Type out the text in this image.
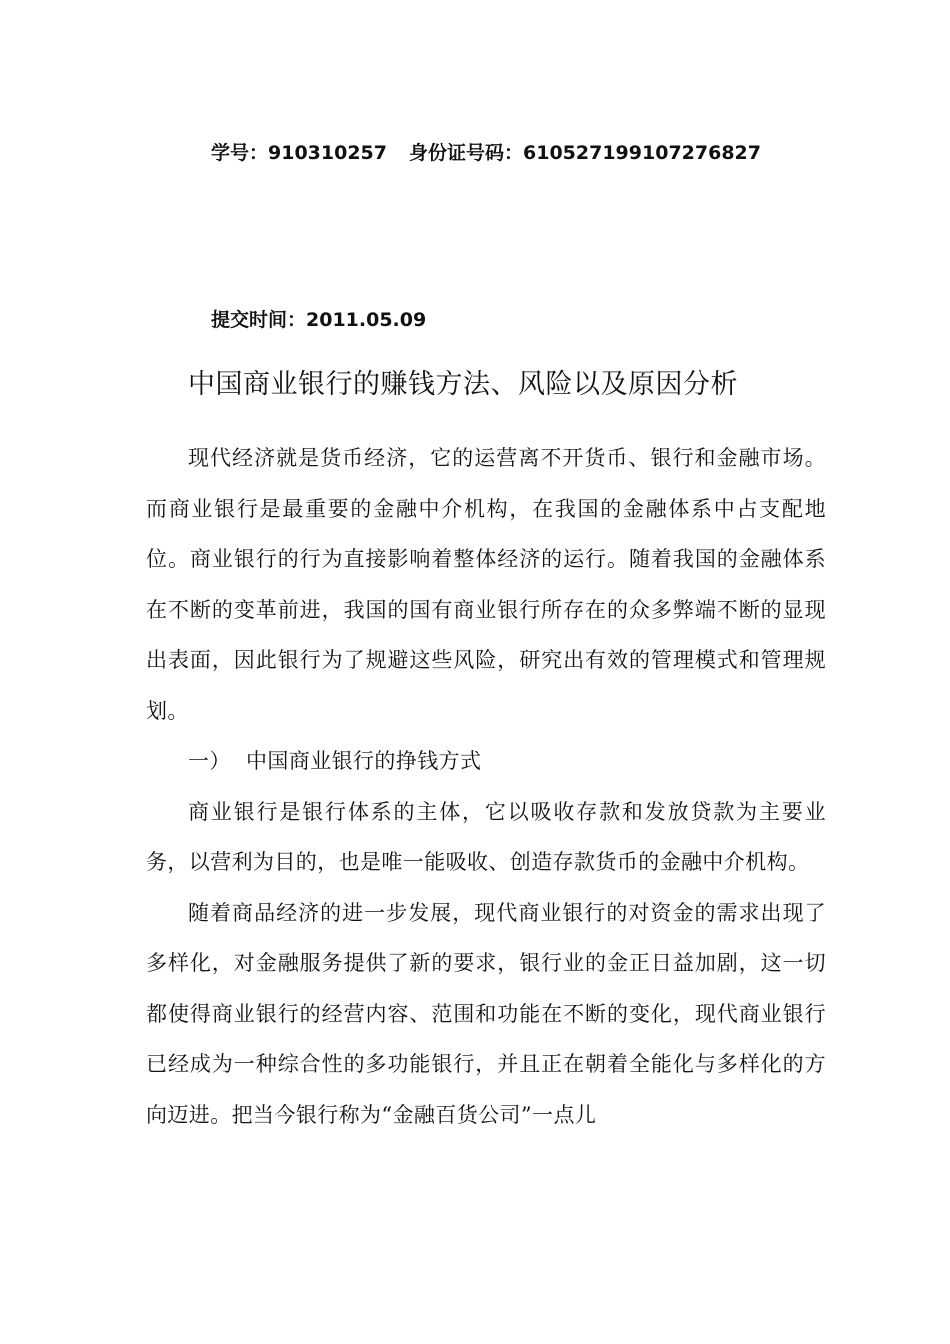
学号：910310257 身份证号码：610527199107276827
提交时间：2011.05.09
中国商业银行的赚钱方法、风险以及原因分析

现代经济就是货币经济，它的运营离不开货币、银行和金融市场。而商业银行是最重要的金融中介机构，在我国的金融体系中占支配地位。商业银行的行为直接影响着整体经济的运行。随着我国的金融体系在不断的变革前进，我国的国有商业银行所存在的众多弊端不断的显现出表面，因此银行为了规避这些风险，研究出有效的管理模式和管理规划。

一） 中国商业银行的挣钱方式

商业银行是银行体系的主体，它以吸收存款和发放贷款为主要业务，以营利为目的，也是唯一能吸收、创造存款货币的金融中介机构。

随着商品经济的进一步发展，现代商业银行的对资金的需求出现了多样化，对金融服务提供了新的要求，银行业的金正日益加剧，这一切都使得商业银行的经营内容、范围和功能在不断的变化，现代商业银行已经成为一种综合性的多功能银行，并且正在朝着全能化与多样化的方向迈进。把当今银行称为“金融百货公司”一点儿
